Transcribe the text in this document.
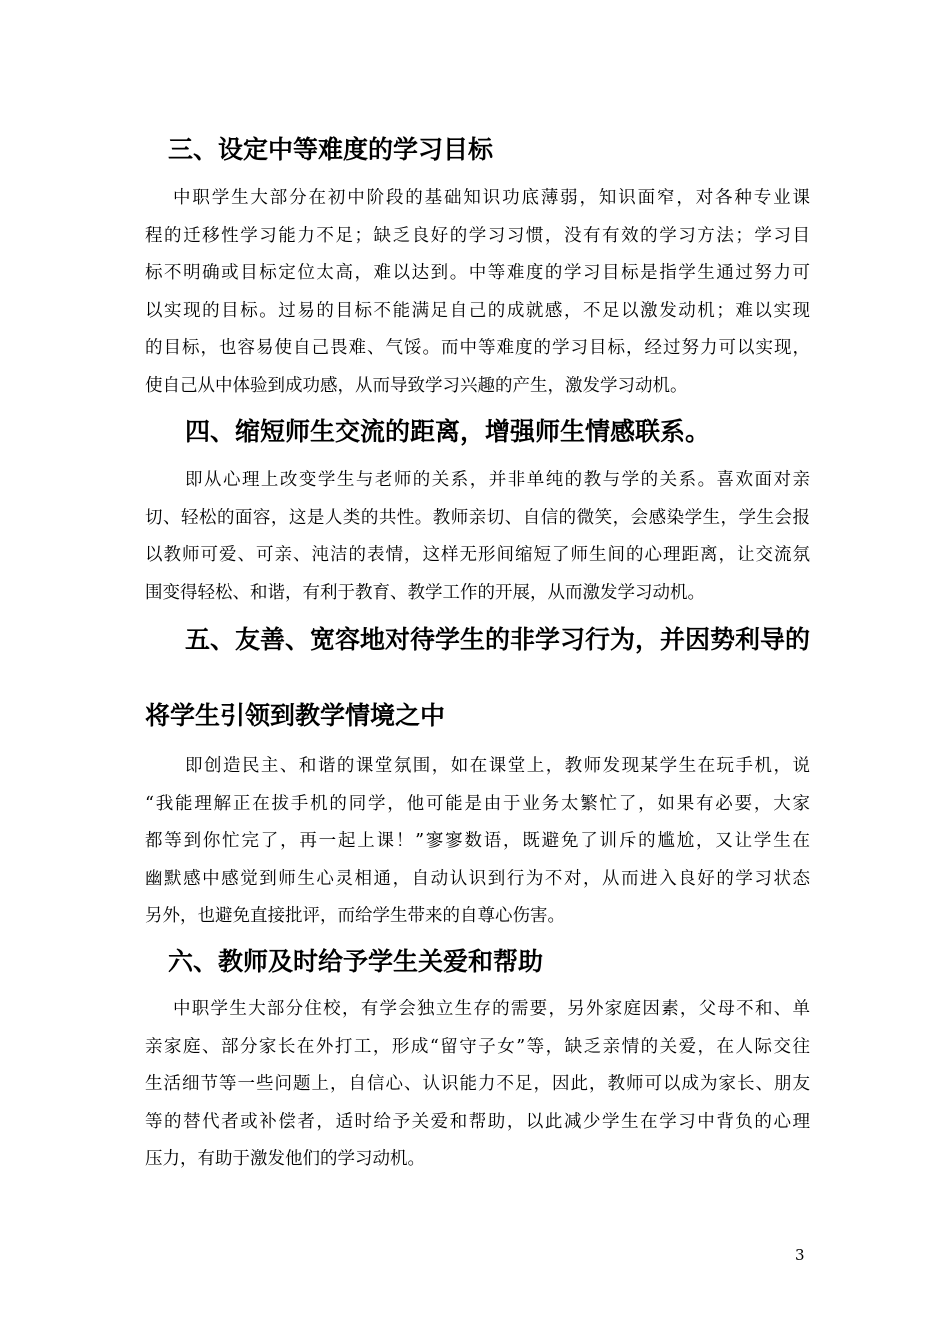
三、设定中等难度的学习目标
中职学生大部分在初中阶段的基础知识功底薄弱，知识面窄，对各种专业课
程的迁移性学习能力不足；缺乏良好的学习习惯，没有有效的学习方法；学习目
标不明确或目标定位太高，难以达到。中等难度的学习目标是指学生通过努力可
以实现的目标。过易的目标不能满足自己的成就感，不足以激发动机；难以实现
的目标，也容易使自己畏难、气馁。而中等难度的学习目标，经过努力可以实现，
使自己从中体验到成功感，从而导致学习兴趣的产生，激发学习动机。
四、缩短师生交流的距离，增强师生情感联系。
即从心理上改变学生与老师的关系，并非单纯的教与学的关系。喜欢面对亲
切、轻松的面容，这是人类的共性。教师亲切、自信的微笑，会感染学生，学生会报
以教师可爱、可亲、沌洁的表情，这样无形间缩短了师生间的心理距离，让交流氛
围变得轻松、和谐，有利于教育、教学工作的开展，从而激发学习动机。
五、友善、宽容地对待学生的非学习行为，并因势利导的
将学生引领到教学情境之中
即创造民主、和谐的课堂氛围，如在课堂上，教师发现某学生在玩手机，说
“我能理解正在拔手机的同学，他可能是由于业务太繁忙了，如果有必要，大家
都等到你忙完了，再一起上课！”寥寥数语，既避免了训斥的尴尬，又让学生在
幽默感中感觉到师生心灵相通，自动认识到行为不对，从而进入良好的学习状态
另外，也避免直接批评，而给学生带来的自尊心伤害。
六、教师及时给予学生关爱和帮助
中职学生大部分住校，有学会独立生存的需要，另外家庭因素，父母不和、单
亲家庭、部分家长在外打工，形成“留守子女”等，缺乏亲情的关爱，在人际交往
生活细节等一些问题上，自信心、认识能力不足，因此，教师可以成为家长、朋友
等的替代者或补偿者，适时给予关爱和帮助，以此减少学生在学习中背负的心理
压力，有助于激发他们的学习动机。
3
